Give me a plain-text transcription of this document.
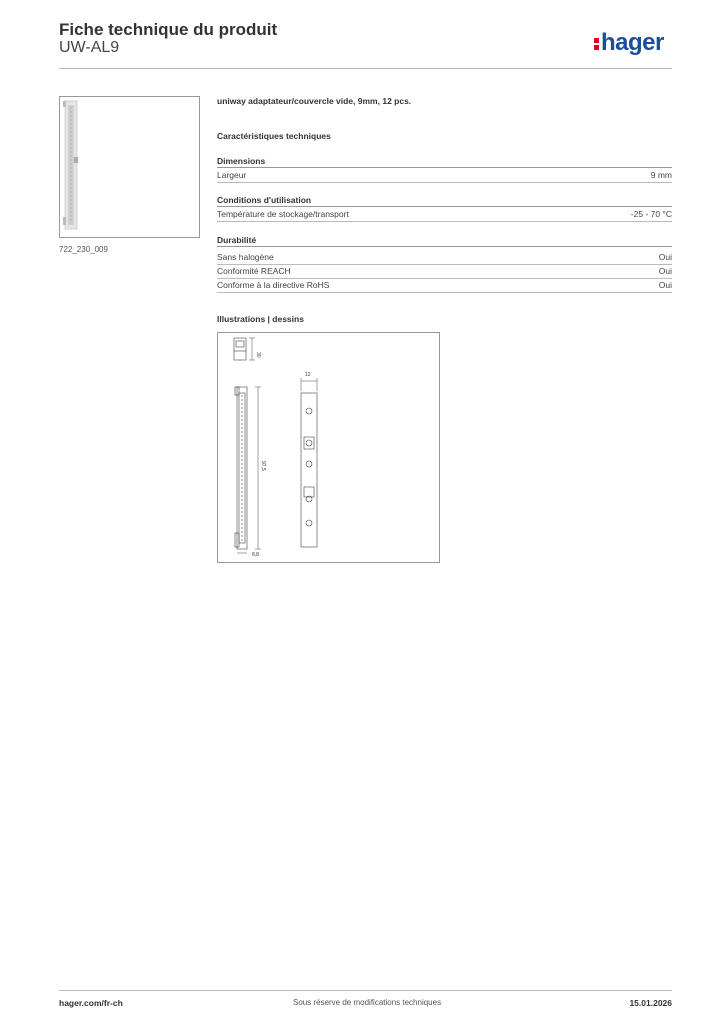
Fiche technique du produit
UW-AL9	hager
722_230_009
uniway adaptateur/couvercle vide, 9mm, 12 pcs.
Caractéristiques techniques
Dimensions
Largeur	9 mm
Conditions d'utilisation
Température de stockage/transport	-25 - 70 °C
Durabilité
Sans halogène	Oui
Conformité REACH	Oui
Conforme à la directive RoHS	Oui
Illustrations | dessins
30
97,5
8,8
12
hager.com/fr-ch	Sous réserve de modifications techniques	15.01.2026
